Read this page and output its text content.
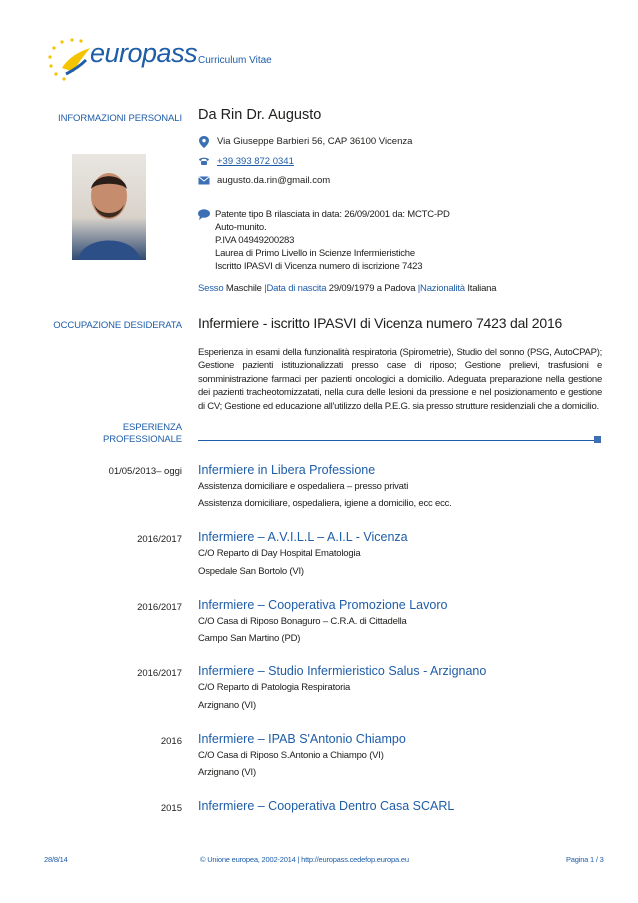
europass Curriculum Vitae
INFORMAZIONI PERSONALI Da Rin Dr. Augusto
Via Giuseppe Barbieri 56, CAP 36100 Vicenza
+39 393 872 0341
augusto.da.rin@gmail.com
Patente tipo B rilasciata in data: 26/09/2001 da: MCTC-PD
Auto-munito.
P.IVA 04949200283
Laurea di Primo Livello in Scienze Infermieristiche
Iscritto IPASVI di Vicenza numero di iscrizione 7423
Sesso Maschile |Data di nascita 29/09/1979 a Padova |Nazionalità Italiana
OCCUPAZIONE DESIDERATA Infermiere - iscritto IPASVI di Vicenza numero 7423 dal 2016
Esperienza in esami della funzionalità respiratoria (Spirometrie), Studio del sonno (PSG, AutoCPAP); Gestione pazienti istituzionalizzati presso case di riposo; Gestione prelievi, trasfusioni e somministrazione farmaci per pazienti oncologici a domicilio. Adeguata preparazione nella gestione dei pazienti tracheotomizzatati, nella cura delle lesioni da pressione e nel posizionamento e gestione di CV; Gestione ed educazione all'utilizzo della P.E.G. sia presso strutture residenziali che a domicilio.
ESPERIENZA
PROFESSIONALE
01/05/2013– oggi Infermiere in Libera Professione
Assistenza domiciliare e ospedaliera – presso privati
Assistenza domiciliare, ospedaliera, igiene a domicilio, ecc ecc.
2016/2017 Infermiere – A.V.I.L.L – A.I.L - Vicenza
C/O Reparto di Day Hospital Ematologia
Ospedale San Bortolo (VI)
2016/2017 Infermiere – Cooperativa Promozione Lavoro
C/O Casa di Riposo Bonaguro – C.R.A. di Cittadella
Campo San Martino (PD)
2016/2017 Infermiere – Studio Infermieristico Salus - Arzignano
C/O Reparto di Patologia Respiratoria
Arzignano (VI)
2016 Infermiere – IPAB S'Antonio Chiampo
C/O Casa di Riposo S.Antonio a Chiampo (VI)
Arzignano (VI)
2015 Infermiere – Cooperativa Dentro Casa SCARL
28/8/14	© Unione europea, 2002-2014 | http://europass.cedefop.europa.eu	Pagina 1 / 3
